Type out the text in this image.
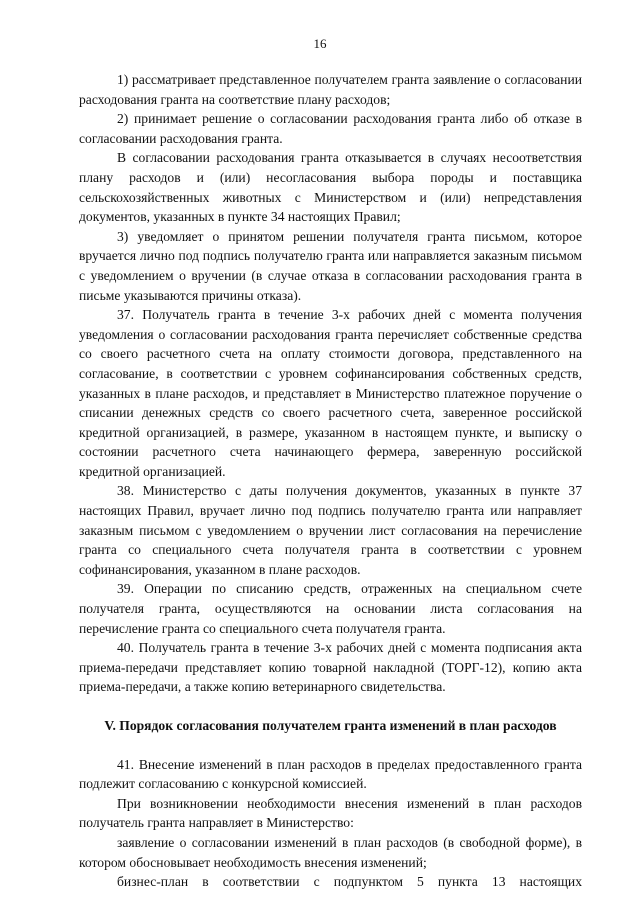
16

1) рассматривает представленное получателем гранта заявление о согласовании расходования гранта на соответствие плану расходов;

2) принимает решение о согласовании расходования гранта либо об отказе в согласовании расходования гранта.

В согласовании расходования гранта отказывается в случаях несоответствия плану расходов и (или) несогласования выбора породы и поставщика сельскохозяйственных животных с Министерством и (или) непредставления документов, указанных в пункте 34 настоящих Правил;

3) уведомляет о принятом решении получателя гранта письмом, которое вручается лично под подпись получателю гранта или направляется заказным письмом с уведомлением о вручении (в случае отказа в согласовании расходования гранта в письме указываются причины отказа).

37. Получатель гранта в течение 3-х рабочих дней с момента получения уведомления о согласовании расходования гранта перечисляет собственные средства со своего расчетного счета на оплату стоимости договора, представленного на согласование, в соответствии с уровнем софинансирования собственных средств, указанных в плане расходов, и представляет в Министерство платежное поручение о списании денежных средств со своего расчетного счета, заверенное российской кредитной организацией, в размере, указанном в настоящем пункте, и выписку о состоянии расчетного счета начинающего фермера, заверенную российской кредитной организацией.

38. Министерство с даты получения документов, указанных в пункте 37 настоящих Правил, вручает лично под подпись получателю гранта или направляет заказным письмом с уведомлением о вручении лист согласования на перечисление гранта со специального счета получателя гранта в соответствии с уровнем софинансирования, указанном в плане расходов.

39. Операции по списанию средств, отраженных на специальном счете получателя гранта, осуществляются на основании листа согласования на перечисление гранта со специального счета получателя гранта.

40. Получатель гранта в течение 3-х рабочих дней с момента подписания акта приема-передачи представляет копию товарной накладной (ТОРГ-12), копию акта приема-передачи, а также копию ветеринарного свидетельства.

V. Порядок согласования получателем гранта изменений в план расходов

41. Внесение изменений в план расходов в пределах предоставленного гранта подлежит согласованию с конкурсной комиссией.

При возникновении необходимости внесения изменений в план расходов получатель гранта направляет в Министерство:

заявление о согласовании изменений в план расходов (в свободной форме), в котором обосновывает необходимость внесения изменений;

бизнес-план в соответствии с подпунктом 5 пункта 13 настоящих
